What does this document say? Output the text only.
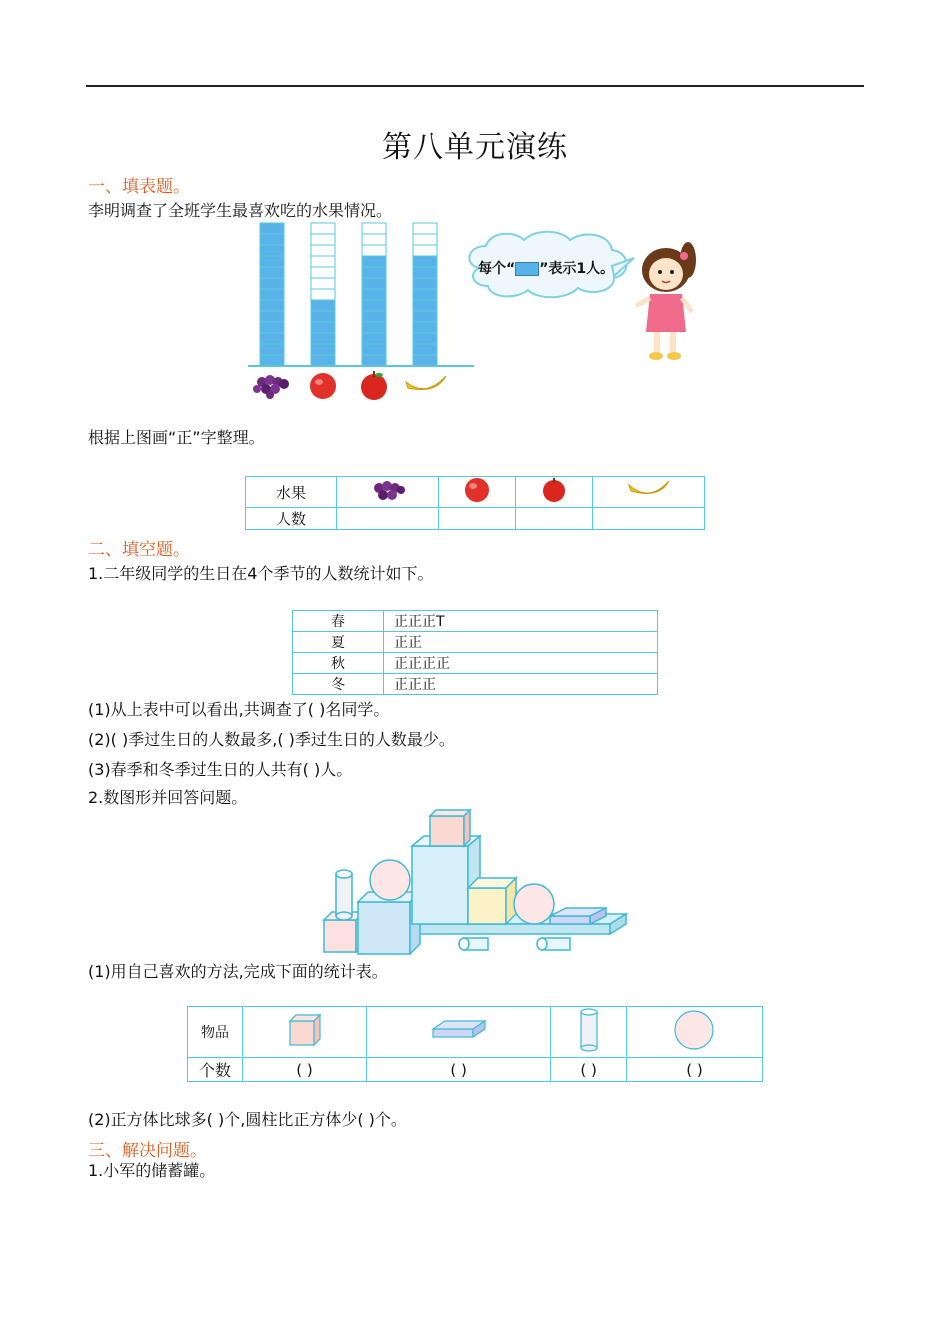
第八单元演练
一、填表题。
李明调查了全班学生最喜欢吃的水果情况。
每个“ ”表示1人。
根据上图画“正”字整理。
水果				
人数				
二、填空题。
1.二年级同学的生日在4个季节的人数统计如下。
春	正正正T
夏	正正
秋	正正正正
冬	正正正
(1)从上表中可以看出,共调查了( )名同学。
(2)( )季过生日的人数最多,( )季过生日的人数最少。
(3)春季和冬季过生日的人共有( )人。
2.数图形并回答问题。
(1)用自己喜欢的方法,完成下面的统计表。
物品				
个数	( )	( )	( )	( )
(2)正方体比球多( )个,圆柱比正方体少( )个。
三、解决问题。
1.小军的储蓄罐。
